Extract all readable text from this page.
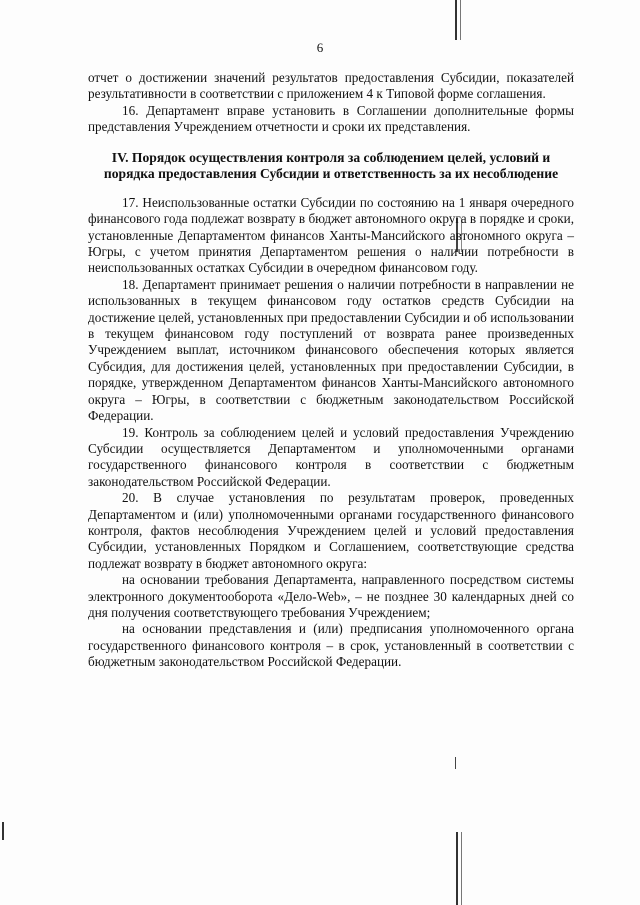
6

отчет о достижении значений результатов предоставления Субсидии, показателей результативности в соответствии с приложением 4 к Типовой форме соглашения.

16. Департамент вправе установить в Соглашении дополнительные формы представления Учреждением отчетности и сроки их представления.

IV. Порядок осуществления контроля за соблюдением целей, условий и порядка предоставления Субсидии и ответственность за их несоблюдение

17. Неиспользованные остатки Субсидии по состоянию на 1 января очередного финансового года подлежат возврату в бюджет автономного округа в порядке и сроки, установленные Департаментом финансов Ханты-Мансийского автономного округа – Югры, с учетом принятия Департаментом решения о наличии потребности в неиспользованных остатках Субсидии в очередном финансовом году.

18. Департамент принимает решения о наличии потребности в направлении не использованных в текущем финансовом году остатков средств Субсидии на достижение целей, установленных при предоставлении Субсидии и об использовании в текущем финансовом году поступлений от возврата ранее произведенных Учреждением выплат, источником финансового обеспечения которых является Субсидия, для достижения целей, установленных при предоставлении Субсидии, в порядке, утвержденном Департаментом финансов Ханты-Мансийского автономного округа – Югры, в соответствии с бюджетным законодательством Российской Федерации.

19. Контроль за соблюдением целей и условий предоставления Учреждению Субсидии осуществляется Департаментом и уполномоченными органами государственного финансового контроля в соответствии с бюджетным законодательством Российской Федерации.

20. В случае установления по результатам проверок, проведенных Департаментом и (или) уполномоченными органами государственного финансового контроля, фактов несоблюдения Учреждением целей и условий предоставления Субсидии, установленных Порядком и Соглашением, соответствующие средства подлежат возврату в бюджет автономного округа:

на основании требования Департамента, направленного посредством системы электронного документооборота «Дело-Web», – не позднее 30 календарных дней со дня получения соответствующего требования Учреждением;

на основании представления и (или) предписания уполномоченного органа государственного финансового контроля – в срок, установленный в соответствии с бюджетным законодательством Российской Федерации.
